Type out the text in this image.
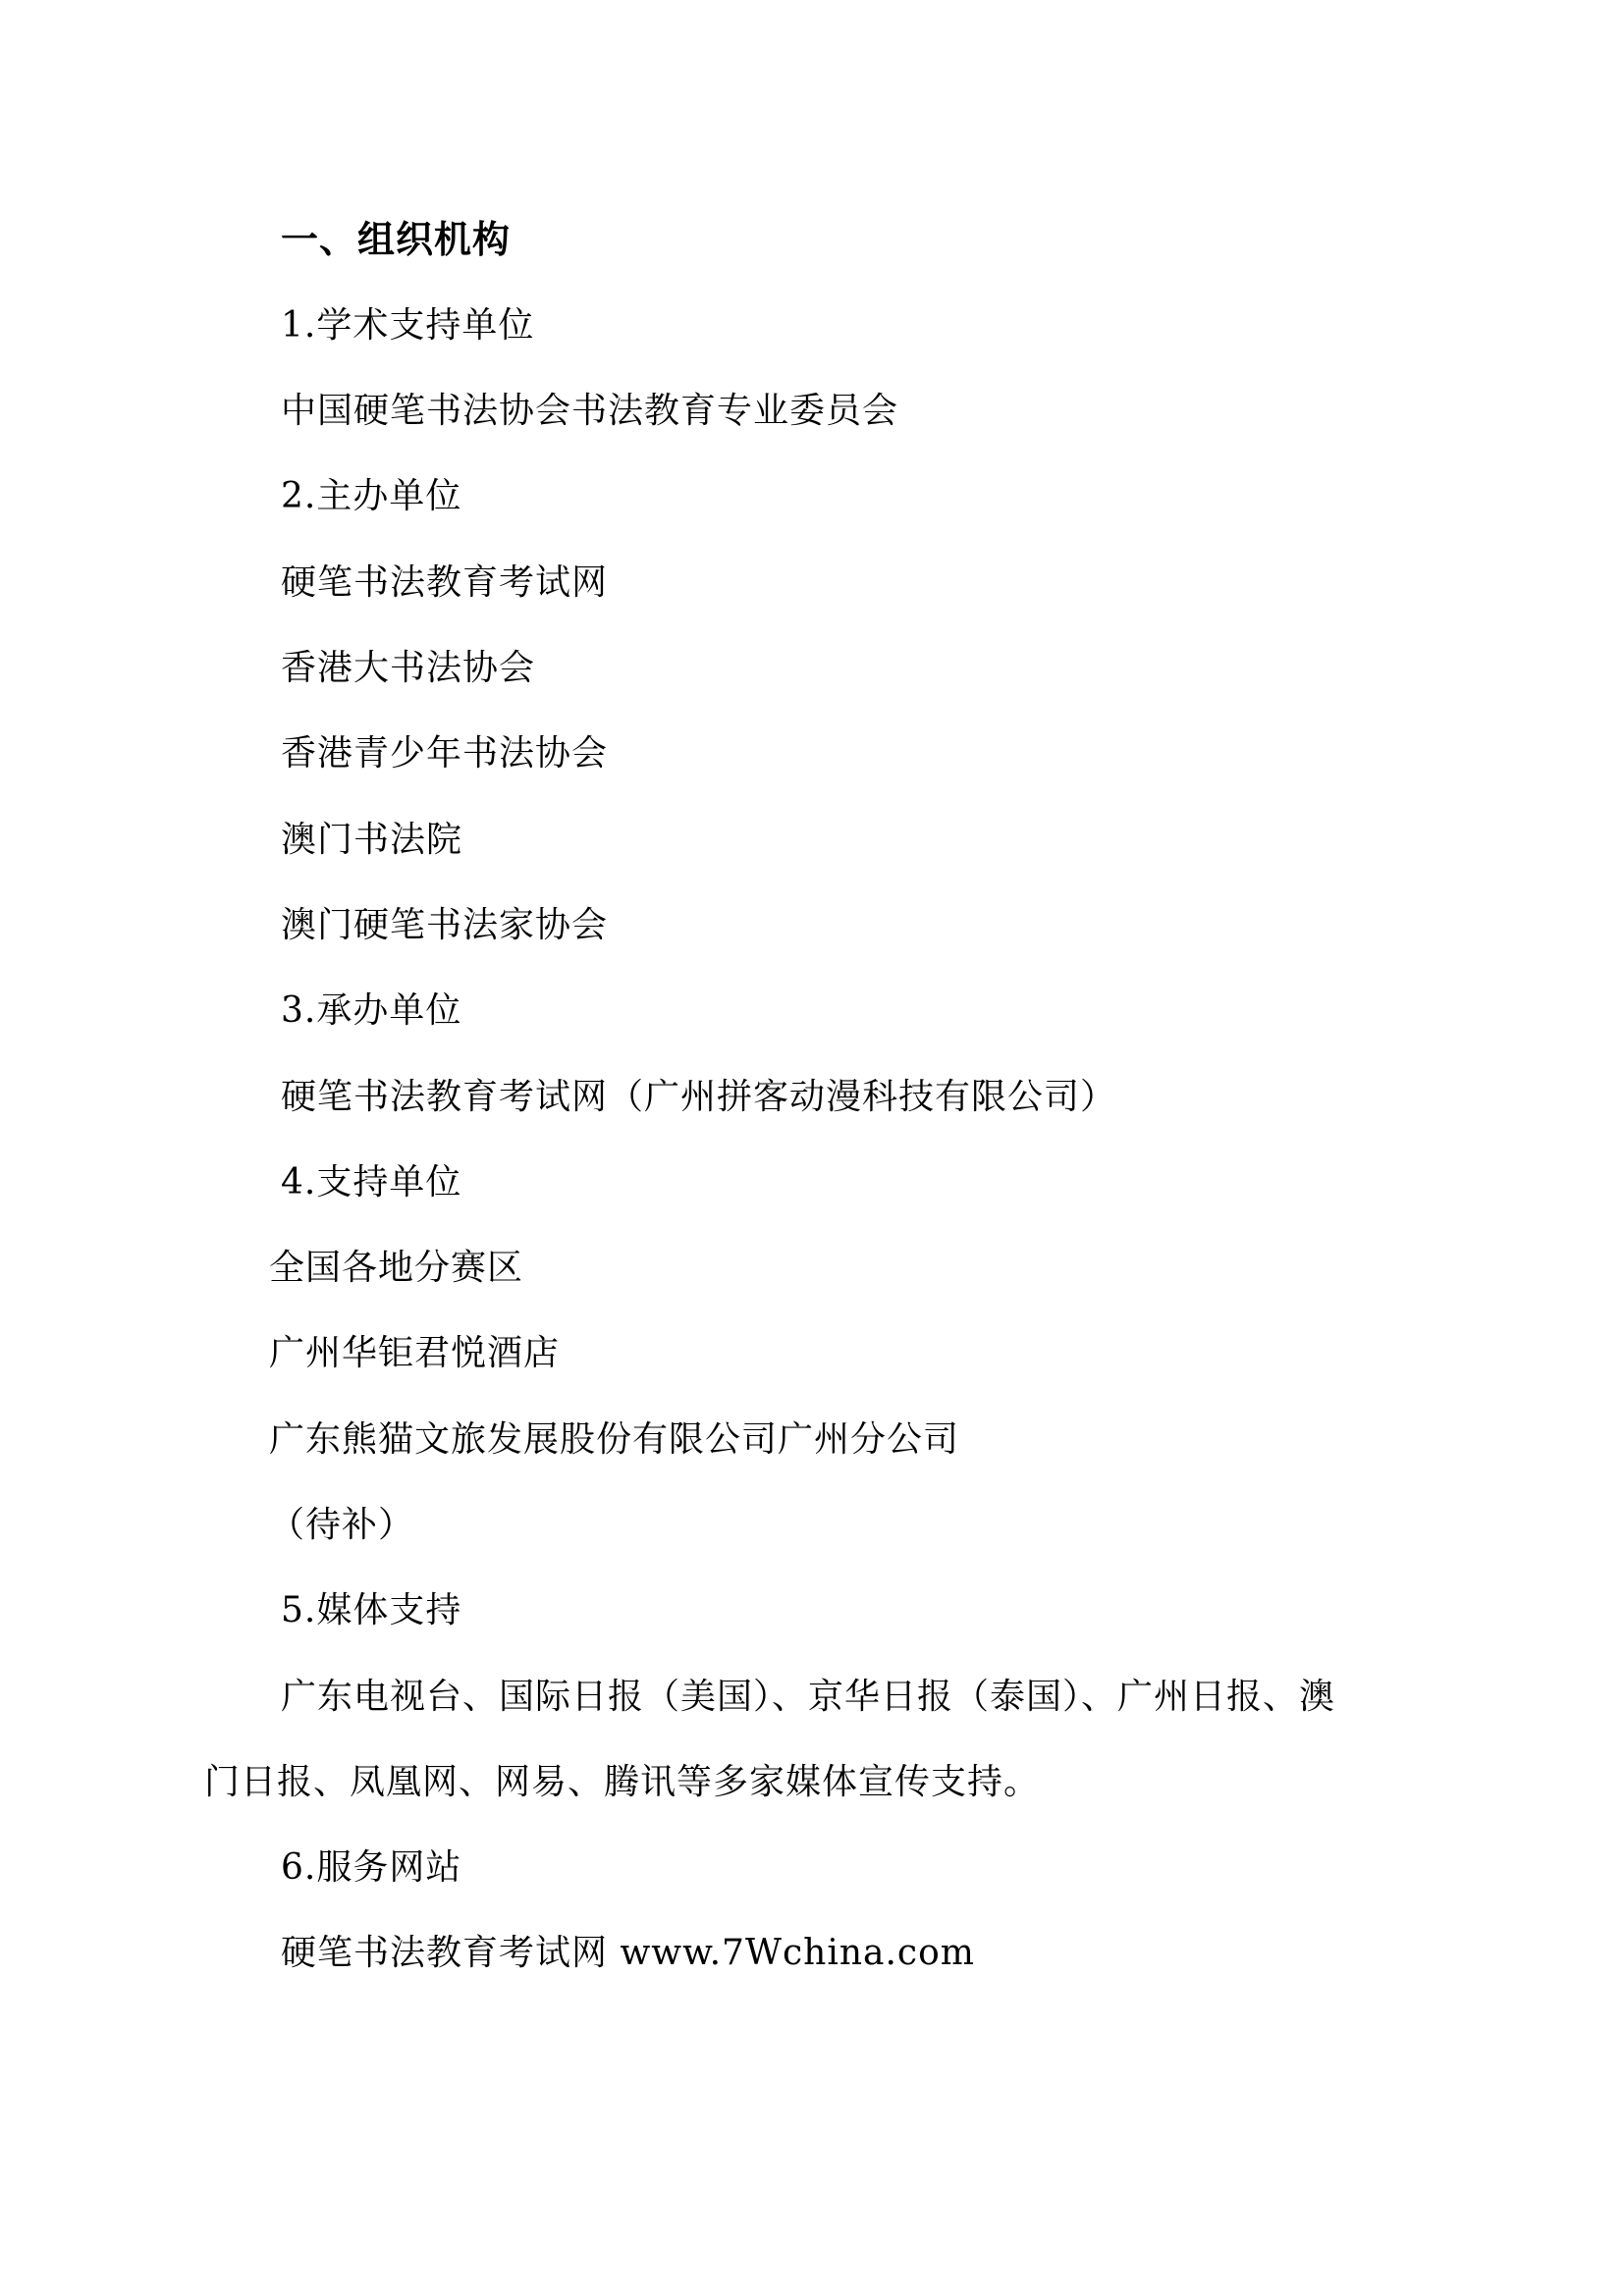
一、组织机构
1.学术支持单位
中国硬笔书法协会书法教育专业委员会
2.主办单位
硬笔书法教育考试网
香港大书法协会
香港青少年书法协会
澳门书法院
澳门硬笔书法家协会
3.承办单位
硬笔书法教育考试网（广州拼客动漫科技有限公司）
4.支持单位
全国各地分赛区
广州华钜君悦酒店
广东熊猫文旅发展股份有限公司广州分公司
（待补）
5.媒体支持
广东电视台、国际日报（美国）、京华日报（泰国）、广州日报、澳
门日报、凤凰网、网易、腾讯等多家媒体宣传支持。
6.服务网站
硬笔书法教育考试网 www.7Wchina.com
